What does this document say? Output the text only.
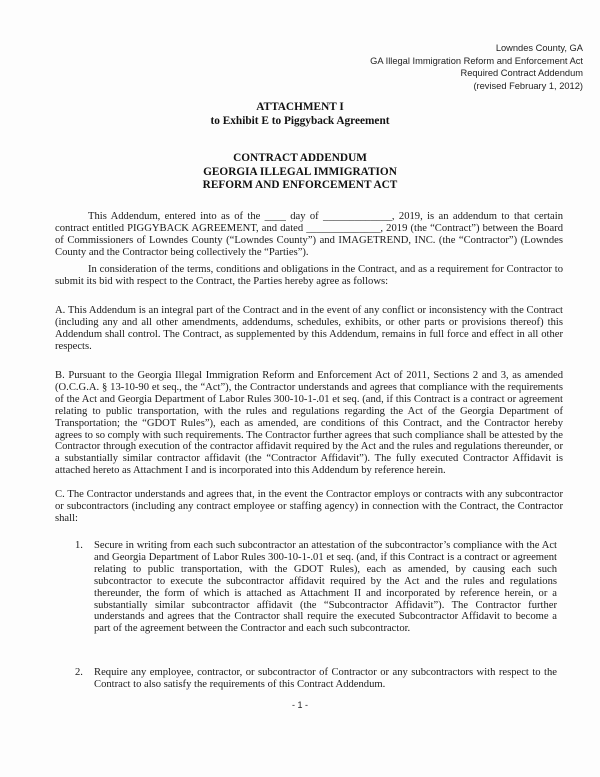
Lowndes County, GA
GA Illegal Immigration Reform and Enforcement Act
Required Contract Addendum
(revised February 1, 2012)
ATTACHMENT I
to Exhibit E to Piggyback Agreement
CONTRACT ADDENDUM
GEORGIA ILLEGAL IMMIGRATION
REFORM AND ENFORCEMENT ACT

This Addendum, entered into as of the ____ day of _____________, 2019, is an addendum to that certain contract entitled PIGGYBACK AGREEMENT, and dated ______________, 2019 (the “Contract”) between the Board of Commissioners of Lowndes County (“Lowndes County”) and IMAGETREND, INC. (the “Contractor”) (Lowndes County and the Contractor being collectively the “Parties”).

In consideration of the terms, conditions and obligations in the Contract, and as a requirement for Contractor to submit its bid with respect to the Contract, the Parties hereby agree as follows:

A. This Addendum is an integral part of the Contract and in the event of any conflict or inconsistency with the Contract (including any and all other amendments, addendums, schedules, exhibits, or other parts or provisions thereof) this Addendum shall control. The Contract, as supplemented by this Addendum, remains in full force and effect in all other respects.

B. Pursuant to the Georgia Illegal Immigration Reform and Enforcement Act of 2011, Sections 2 and 3, as amended (O.C.G.A. § 13-10-90 et seq., the “Act”), the Contractor understands and agrees that compliance with the requirements of the Act and Georgia Department of Labor Rules 300-10-1-.01 et seq. (and, if this Contract is a contract or agreement relating to public transportation, with the rules and regulations regarding the Act of the Georgia Department of Transportation; the “GDOT Rules”), each as amended, are conditions of this Contract, and the Contractor hereby agrees to so comply with such requirements. The Contractor further agrees that such compliance shall be attested by the Contractor through execution of the contractor affidavit required by the Act and the rules and regulations thereunder, or a substantially similar contractor affidavit (the “Contractor Affidavit”). The fully executed Contractor Affidavit is attached hereto as Attachment I and is incorporated into this Addendum by reference herein.

C. The Contractor understands and agrees that, in the event the Contractor employs or contracts with any subcontractor or subcontractors (including any contract employee or staffing agency) in connection with the Contract, the Contractor shall:

1. Secure in writing from each such subcontractor an attestation of the subcontractor’s compliance with the Act and Georgia Department of Labor Rules 300-10-1-.01 et seq. (and, if this Contract is a contract or agreement relating to public transportation, with the GDOT Rules), each as amended, by causing each such subcontractor to execute the subcontractor affidavit required by the Act and the rules and regulations thereunder, the form of which is attached as Attachment II and incorporated by reference herein, or a substantially similar subcontractor affidavit (the “Subcontractor Affidavit”). The Contractor further understands and agrees that the Contractor shall require the executed Subcontractor Affidavit to become a part of the agreement between the Contractor and each such subcontractor.
2. Require any employee, contractor, or subcontractor of Contractor or any subcontractors with respect to the Contract to also satisfy the requirements of this Contract Addendum.
- 1 -
